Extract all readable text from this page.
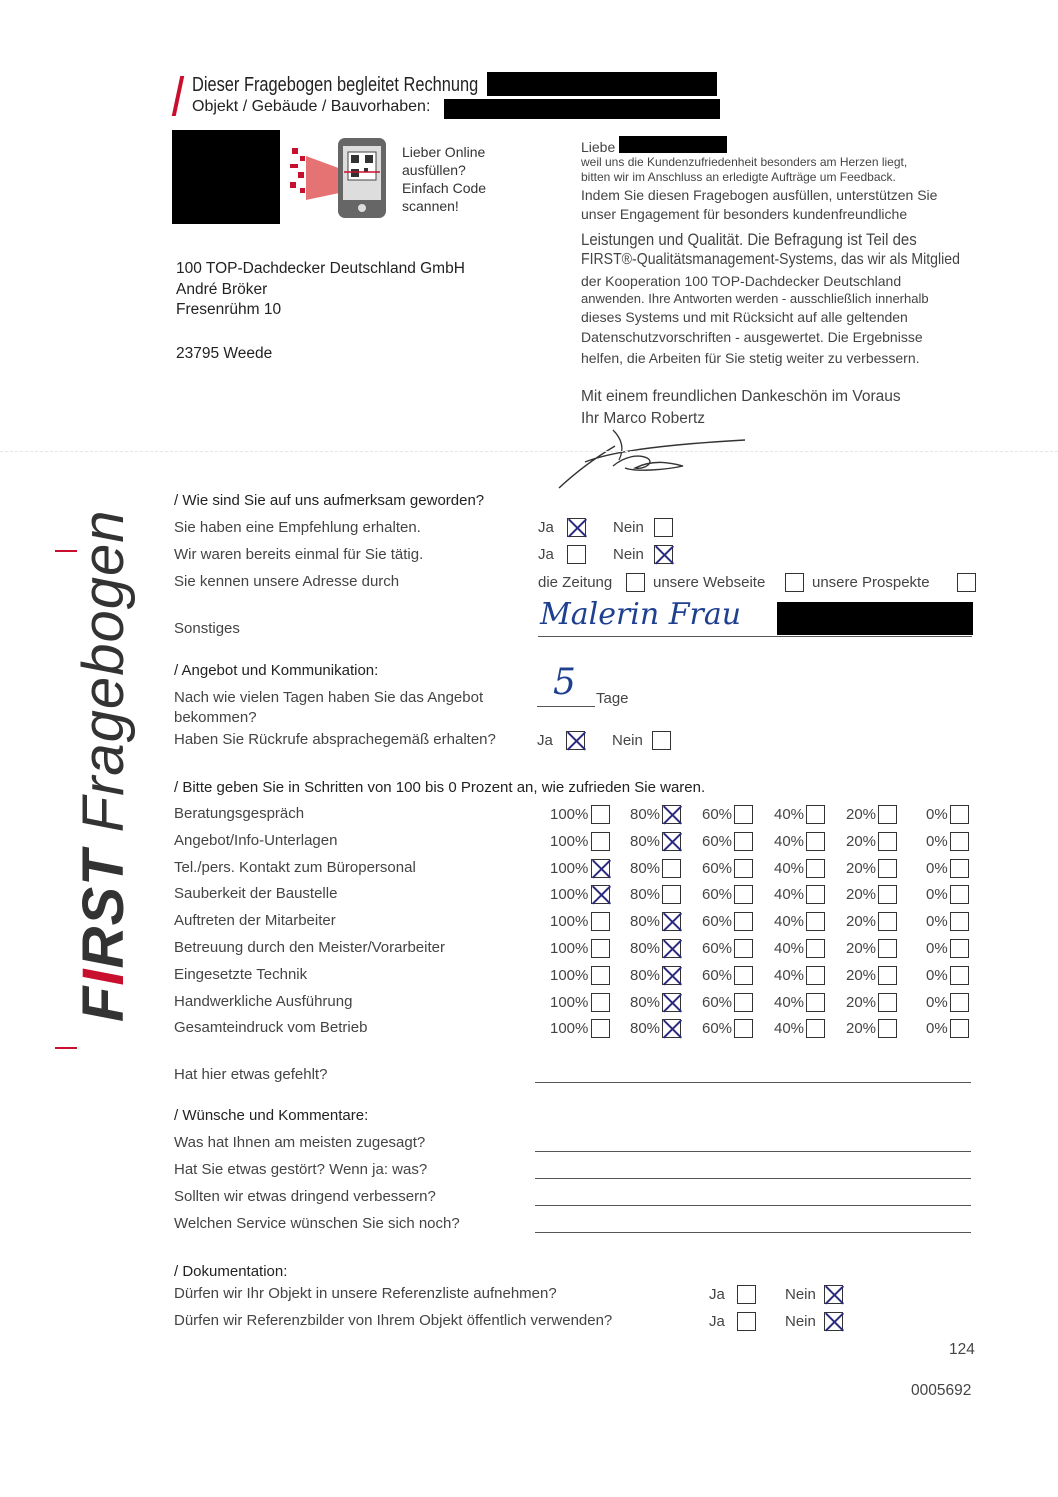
Dieser Fragebogen begleitet Rechnung
Objekt / Gebäude / Bauvorhaben:
Lieber Online
ausfüllen?
Einfach Code
scannen!
100 TOP-Dachdecker Deutschland GmbH
André Bröker
Fresenrühm 10
23795 Weede
Liebe
weil uns die Kundenzufriedenheit besonders am Herzen liegt,
bitten wir im Anschluss an erledigte Aufträge um Feedback.
Indem Sie diesen Fragebogen ausfüllen, unterstützen Sie
unser Engagement für besonders kundenfreundliche
Leistungen und Qualität. Die Befragung ist Teil des
FIRST®-Qualitätsmanagement-Systems, das wir als Mitglied
der Kooperation 100 TOP-Dachdecker Deutschland
anwenden. Ihre Antworten werden - ausschließlich innerhalb
dieses Systems und mit Rücksicht auf alle geltenden
Datenschutzvorschriften - ausgewertet. Die Ergebnisse
helfen, die Arbeiten für Sie stetig weiter zu verbessern.
Mit einem freundlichen Dankeschön im Voraus
Ihr Marco Robertz
FIRST Fragebogen
/ Wie sind Sie auf uns aufmerksam geworden?
Sie haben eine Empfehlung erhalten.	Ja	Nein
Wir waren bereits einmal für Sie tätig.	Ja	Nein
Sie kennen unsere Adresse durch	die Zeitung	unsere Webseite	unsere Prospekte
Sonstiges	Malerin Frau
/ Angebot und Kommunikation:
Nach wie vielen Tagen haben Sie das Angebot
bekommen?
5 Tage
Haben Sie Rückrufe absprachegemäß erhalten?	Ja	Nein
/ Bitte geben Sie in Schritten von 100 bis 0 Prozent an, wie zufrieden Sie waren.
Beratungsgespräch	100%	80%	60%	40%	20%	0%
Angebot/Info-Unterlagen	100%	80%	60%	40%	20%	0%
Tel./pers. Kontakt zum Büropersonal	100%	80%	60%	40%	20%	0%
Sauberkeit der Baustelle	100%	80%	60%	40%	20%	0%
Auftreten der Mitarbeiter	100%	80%	60%	40%	20%	0%
Betreuung durch den Meister/Vorarbeiter	100%	80%	60%	40%	20%	0%
Eingesetzte Technik	100%	80%	60%	40%	20%	0%
Handwerkliche Ausführung	100%	80%	60%	40%	20%	0%
Gesamteindruck vom Betrieb	100%	80%	60%	40%	20%	0%
Hat hier etwas gefehlt?
/ Wünsche und Kommentare:
Was hat Ihnen am meisten zugesagt?
Hat Sie etwas gestört? Wenn ja: was?
Sollten wir etwas dringend verbessern?
Welchen Service wünschen Sie sich noch?
/ Dokumentation:
Dürfen wir Ihr Objekt in unsere Referenzliste aufnehmen?	Ja	Nein
Dürfen wir Referenzbilder von Ihrem Objekt öffentlich verwenden?	Ja	Nein
124
0005692
